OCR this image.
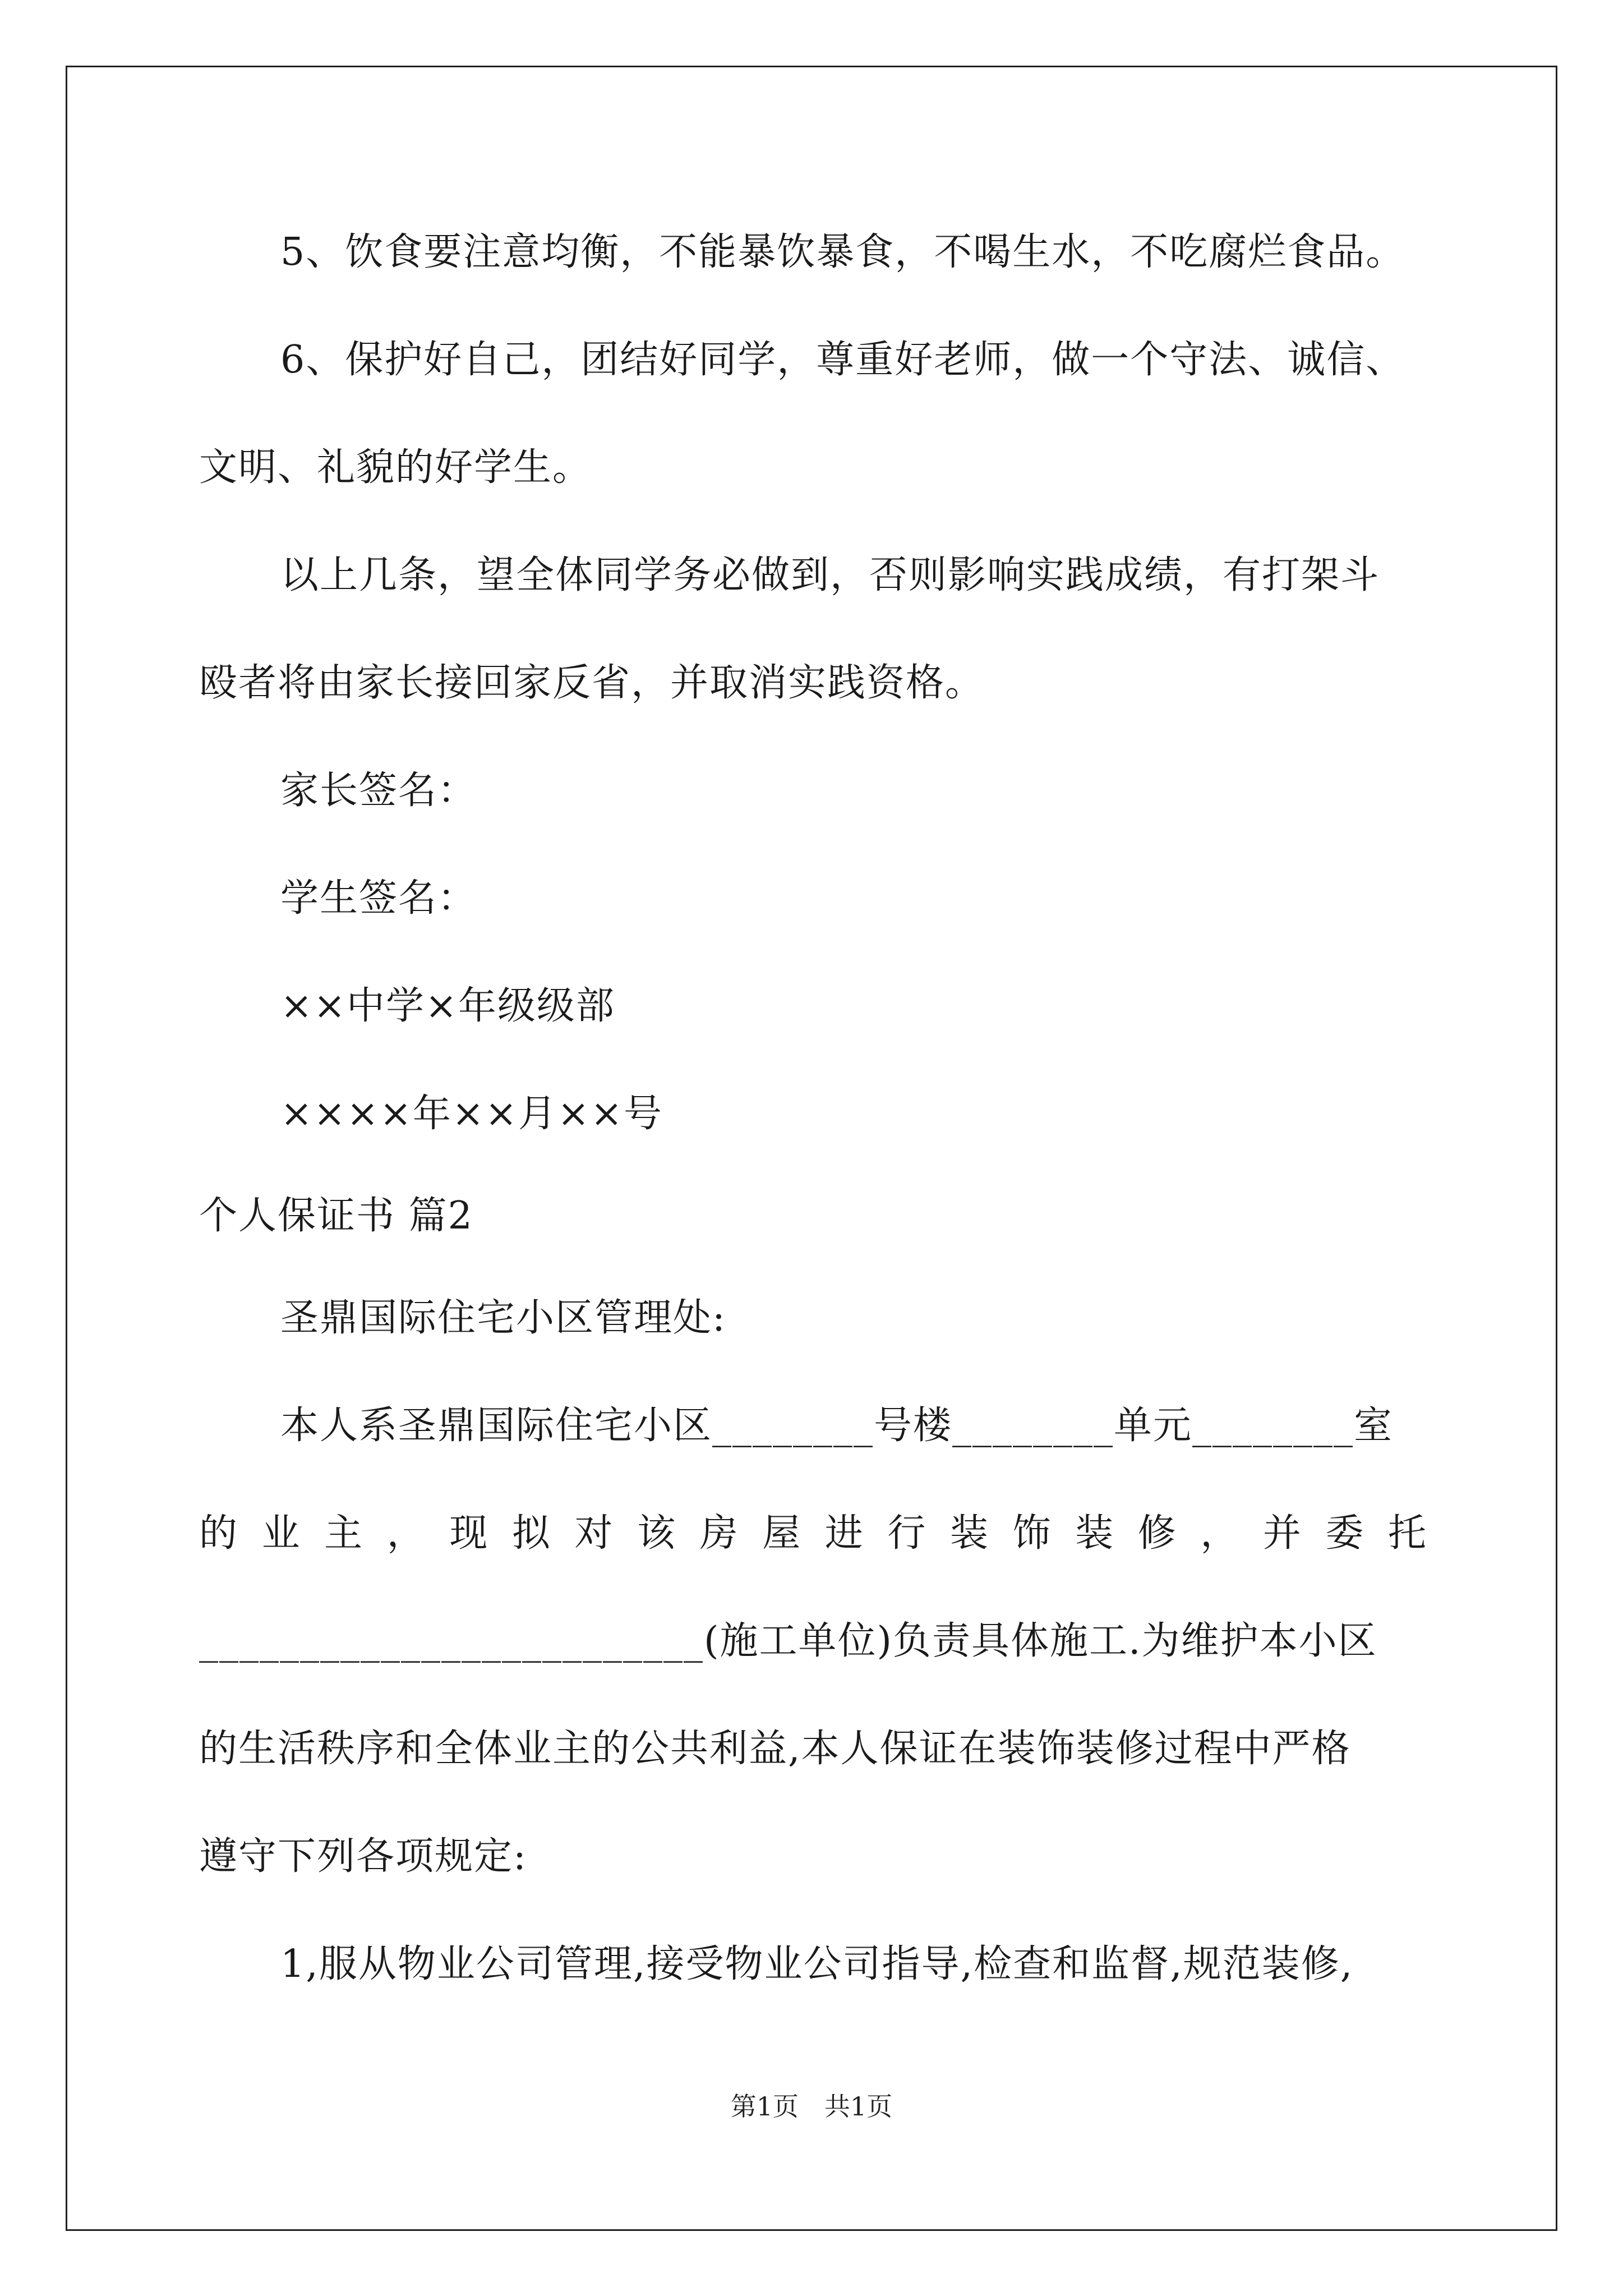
5、饮食要注意均衡，不能暴饮暴食，不喝生水，不吃腐烂食品。
6、保护好自己，团结好同学，尊重好老师，做一个守法、诚信、
文明、礼貌的好学生。
以上几条，望全体同学务必做到，否则影响实践成绩，有打架斗
殴者将由家长接回家反省，并取消实践资格。
家长签名：
学生签名：
××中学×年级级部
××××年××月××号
个人保证书 篇2
圣鼎国际住宅小区管理处:
本人系圣鼎国际住宅小区________号楼________单元________室
的 业 主 ， 现 拟 对 该 房 屋 进 行 装 饰 装 修 ， 并 委 托
_________________________(施工单位)负责具体施工.为维护本小区
的生活秩序和全体业主的公共利益,本人保证在装饰装修过程中严格
遵守下列各项规定:
1,服从物业公司管理,接受物业公司指导,检查和监督,规范装修,
第1页　共1页
